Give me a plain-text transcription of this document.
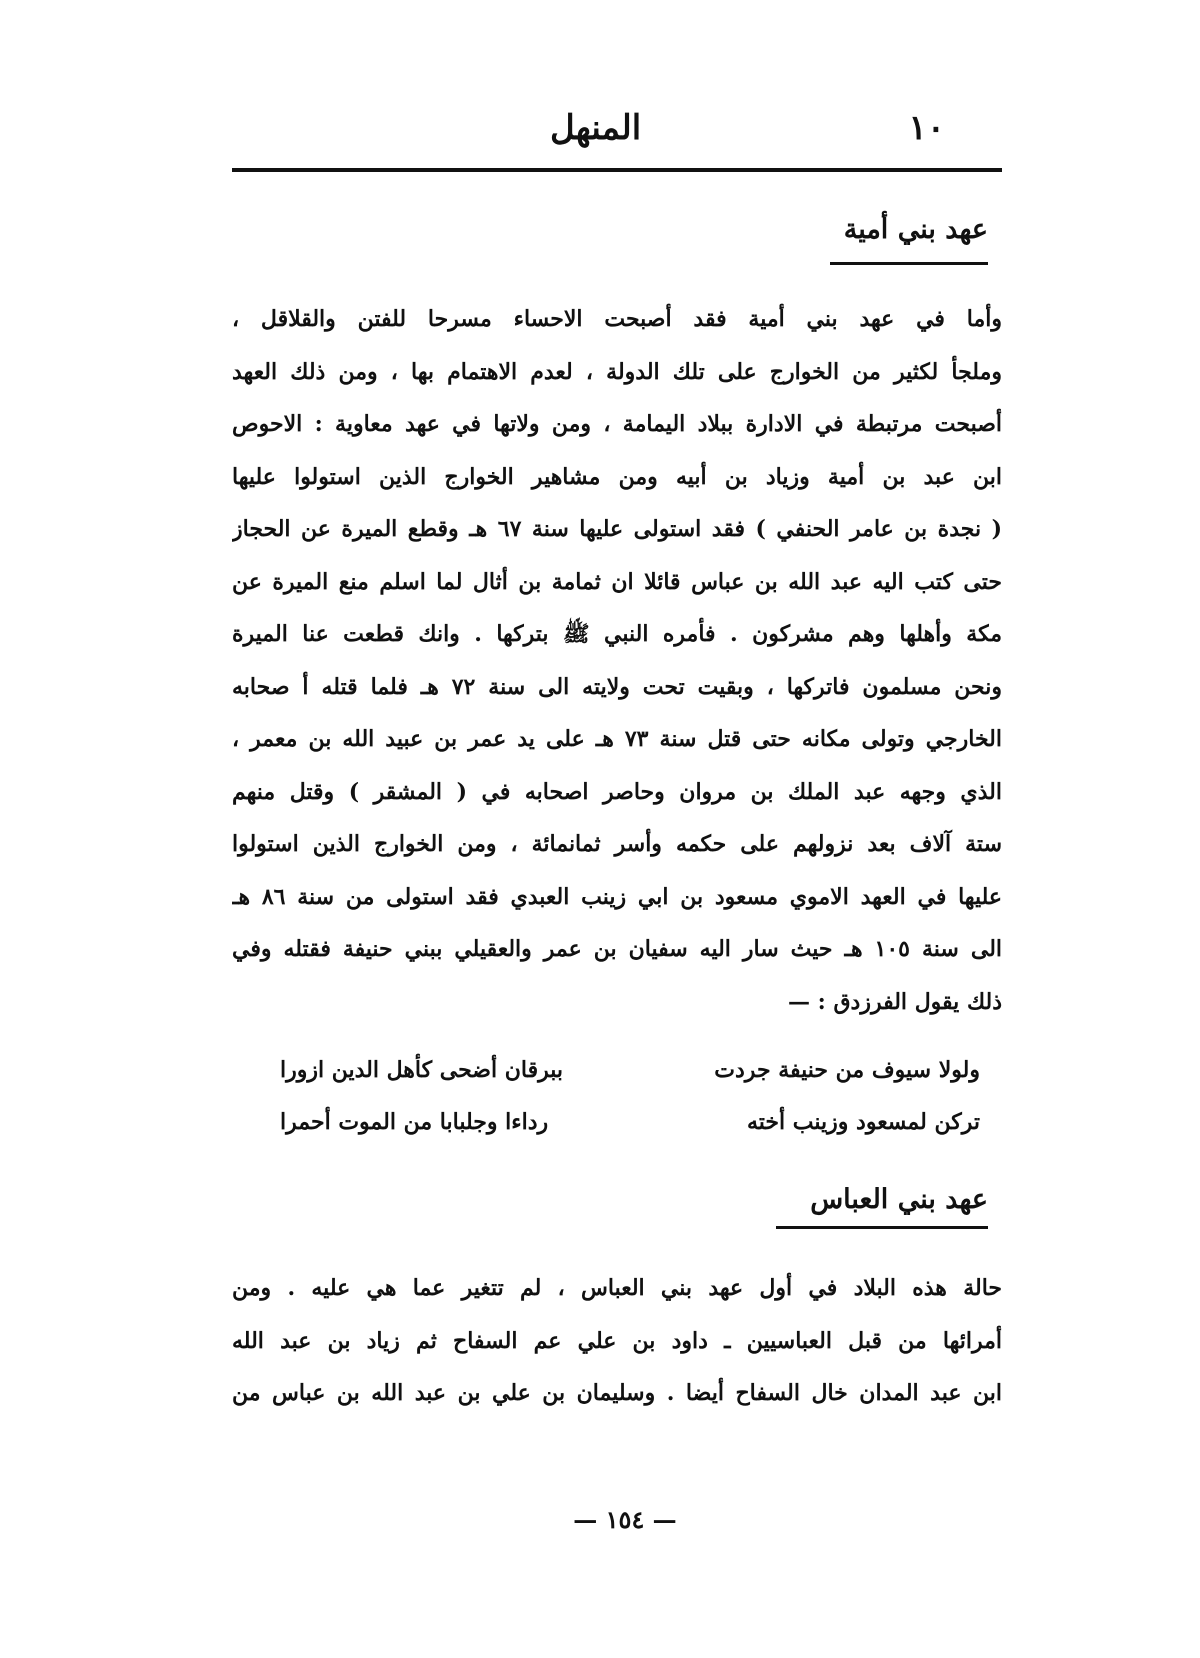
١٠
المنهل
عهد بني أمية
وأما في عهد بني أمية فقد أصبحت الاحساء مسرحا للفتن والقلاقل ،
وملجأ لكثير من الخوارج على تلك الدولة ، لعدم الاهتمام بها ، ومن ذلك العهد
أصبحت مرتبطة في الادارة ببلاد اليمامة ، ومن ولاتها في عهد معاوية : الاحوص
ابن عبد بن أمية وزياد بن أبيه ومن مشاهير الخوارج الذين استولوا عليها
( نجدة بن عامر الحنفي ) فقد استولى عليها سنة ٦٧ هـ وقطع الميرة عن الحجاز
حتى كتب اليه عبد الله بن عباس قائلا ان ثمامة بن أثال لما اسلم منع الميرة عن
مكة وأهلها وهم مشركون . فأمره النبي ﷺ بتركها . وانك قطعت عنا الميرة
ونحن مسلمون فاتركها ، وبقيت تحت ولايته الى سنة ٧٢ هـ فلما قتله أ صحابه
الخارجي وتولى مكانه حتى قتل سنة ٧٣ هـ على يد عمر بن عبيد الله بن معمر ،
الذي وجهه عبد الملك بن مروان وحاصر اصحابه في ( المشقر ) وقتل منهم
ستة آلاف بعد نزولهم على حكمه وأسر ثمانمائة ، ومن الخوارج الذين استولوا
عليها في العهد الاموي مسعود بن ابي زينب العبدي فقد استولى من سنة ٨٦ هـ
الى سنة ١٠٥ هـ حيث سار اليه سفيان بن عمر والعقيلي ببني حنيفة فقتله وفي
ذلك يقول الفرزدق : —
ولولا سيوف من حنيفة جردت
ببرقان أضحى كأهل الدين ازورا
تركن لمسعود وزينب أخته
رداءا وجلبابا من الموت أحمرا
عهد بني العباس
حالة هذه البلاد في أول عهد بني العباس ، لم تتغير عما هي عليه . ومن
أمرائها من قبل العباسيين ـ داود بن علي عم السفاح ثم زياد بن عبد الله
ابن عبد المدان خال السفاح أيضا . وسليمان بن علي بن عبد الله بن عباس من
— ١٥٤ —
